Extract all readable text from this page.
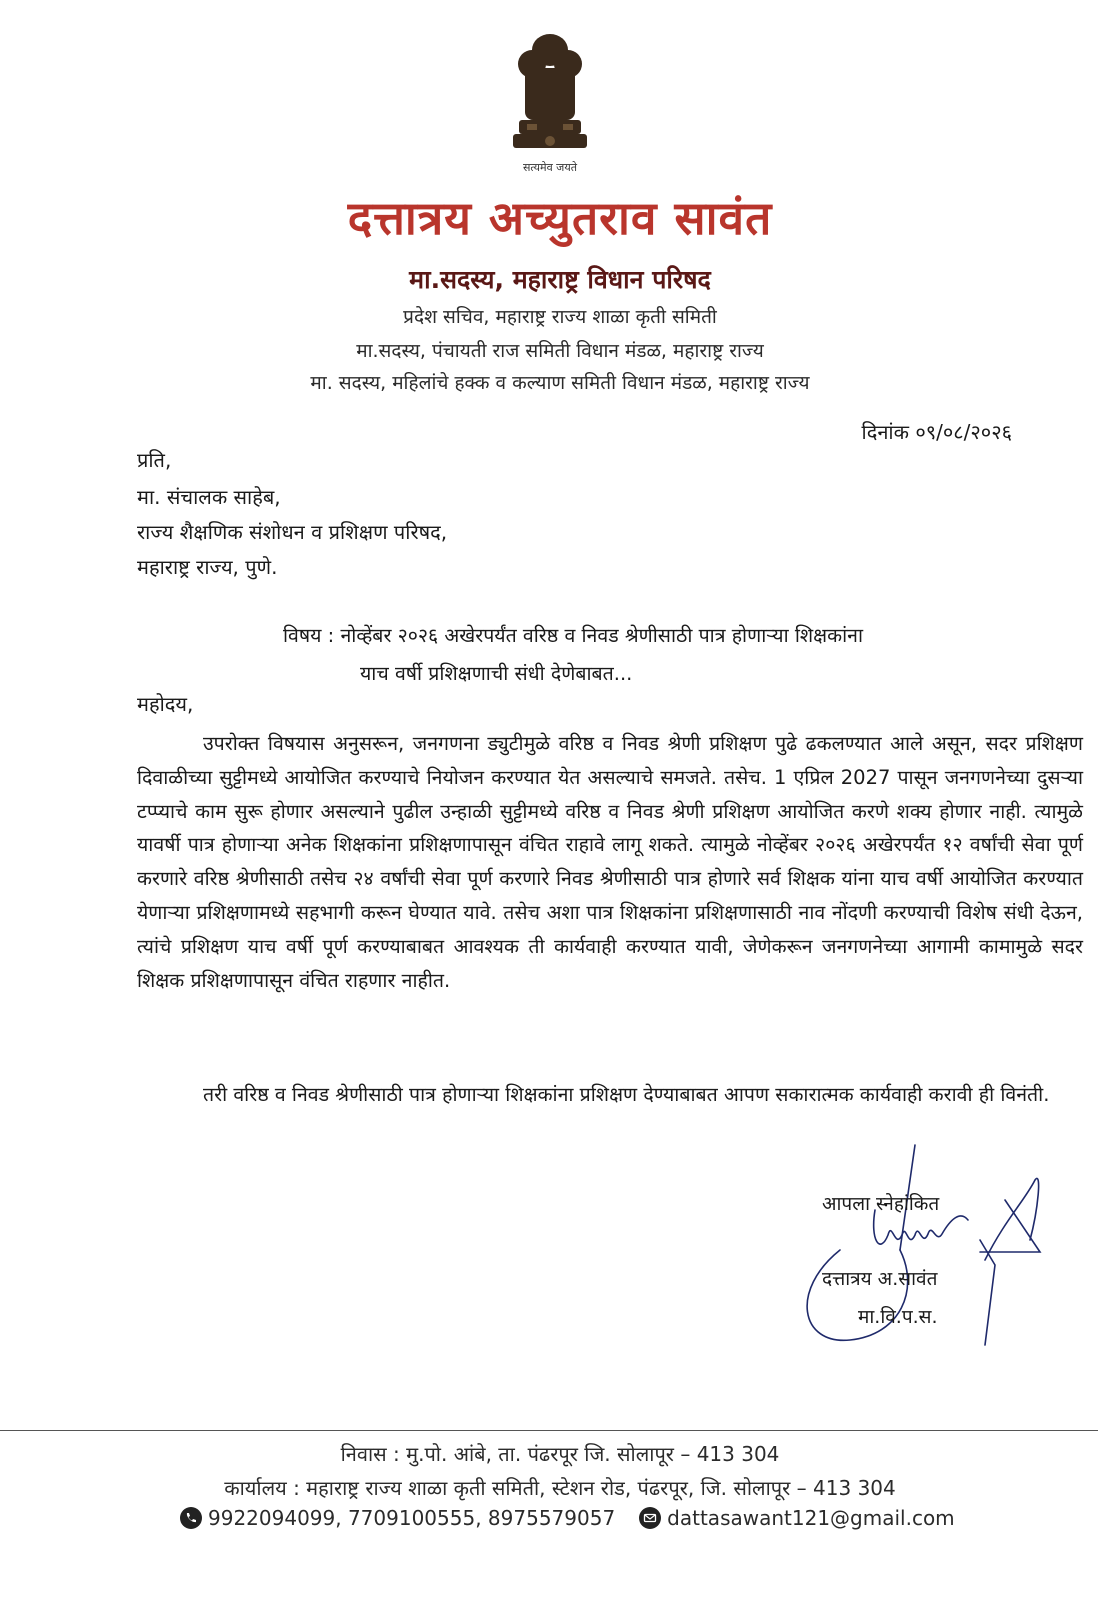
सत्यमेव जयते
दत्तात्रय अच्युतराव सावंत
मा.सदस्य, महाराष्ट्र विधान परिषद
प्रदेश सचिव, महाराष्ट्र राज्य शाळा कृती समिती
मा.सदस्य, पंचायती राज समिती विधान मंडळ, महाराष्ट्र राज्य
मा. सदस्य, महिलांचे हक्क व कल्याण समिती विधान मंडळ, महाराष्ट्र राज्य
दिनांक ०९/०८/२०२६
प्रति,
मा. संचालक साहेब,
राज्य शैक्षणिक संशोधन व प्रशिक्षण परिषद,
महाराष्ट्र राज्य, पुणे.
विषय : नोव्हेंबर २०२६ अखेरपर्यंत वरिष्ठ व निवड श्रेणीसाठी पात्र होणाऱ्या शिक्षकांना
याच वर्षी प्रशिक्षणाची संधी देणेबाबत...
महोदय,

उपरोक्त विषयास अनुसरून, जनगणना ड्युटीमुळे वरिष्ठ व निवड श्रेणी प्रशिक्षण पुढे ढकलण्यात आले असून, सदर प्रशिक्षण दिवाळीच्या सुट्टीमध्ये आयोजित करण्याचे नियोजन करण्यात येत असल्याचे समजते. तसेच. 1 एप्रिल 2027 पासून जनगणनेच्या दुसऱ्या टप्प्याचे काम सुरू होणार असल्याने पुढील उन्हाळी सुट्टीमध्ये वरिष्ठ व निवड श्रेणी प्रशिक्षण आयोजित करणे शक्य होणार नाही. त्यामुळे यावर्षी पात्र होणाऱ्या अनेक शिक्षकांना प्रशिक्षणापासून वंचित राहावे लागू शकते. त्यामुळे नोव्हेंबर २०२६ अखेरपर्यंत १२ वर्षांची सेवा पूर्ण करणारे वरिष्ठ श्रेणीसाठी तसेच २४ वर्षांची सेवा पूर्ण करणारे निवड श्रेणीसाठी पात्र होणारे सर्व शिक्षक यांना याच वर्षी आयोजित करण्यात येणाऱ्या प्रशिक्षणामध्ये सहभागी करून घेण्यात यावे. तसेच अशा पात्र शिक्षकांना प्रशिक्षणासाठी नाव नोंदणी करण्याची विशेष संधी देऊन, त्यांचे प्रशिक्षण याच वर्षी पूर्ण करण्याबाबत आवश्यक ती कार्यवाही करण्यात यावी, जेणेकरून जनगणनेच्या आगामी कामामुळे सदर शिक्षक प्रशिक्षणापासून वंचित राहणार नाहीत.

तरी वरिष्ठ व निवड श्रेणीसाठी पात्र होणाऱ्या शिक्षकांना प्रशिक्षण देण्याबाबत आपण सकारात्मक कार्यवाही करावी ही विनंती.

आपला स्नेहांकित
दत्तात्रय अ.सावंत
मा.वि.प.स.
निवास : मु.पो. आंबे, ता. पंढरपूर जि. सोलापूर – 413 304
कार्यालय : महाराष्ट्र राज्य शाळा कृती समिती, स्टेशन रोड, पंढरपूर, जि. सोलापूर – 413 304
9922094099, 7709100555, 8975579057	dattasawant121@gmail.com
